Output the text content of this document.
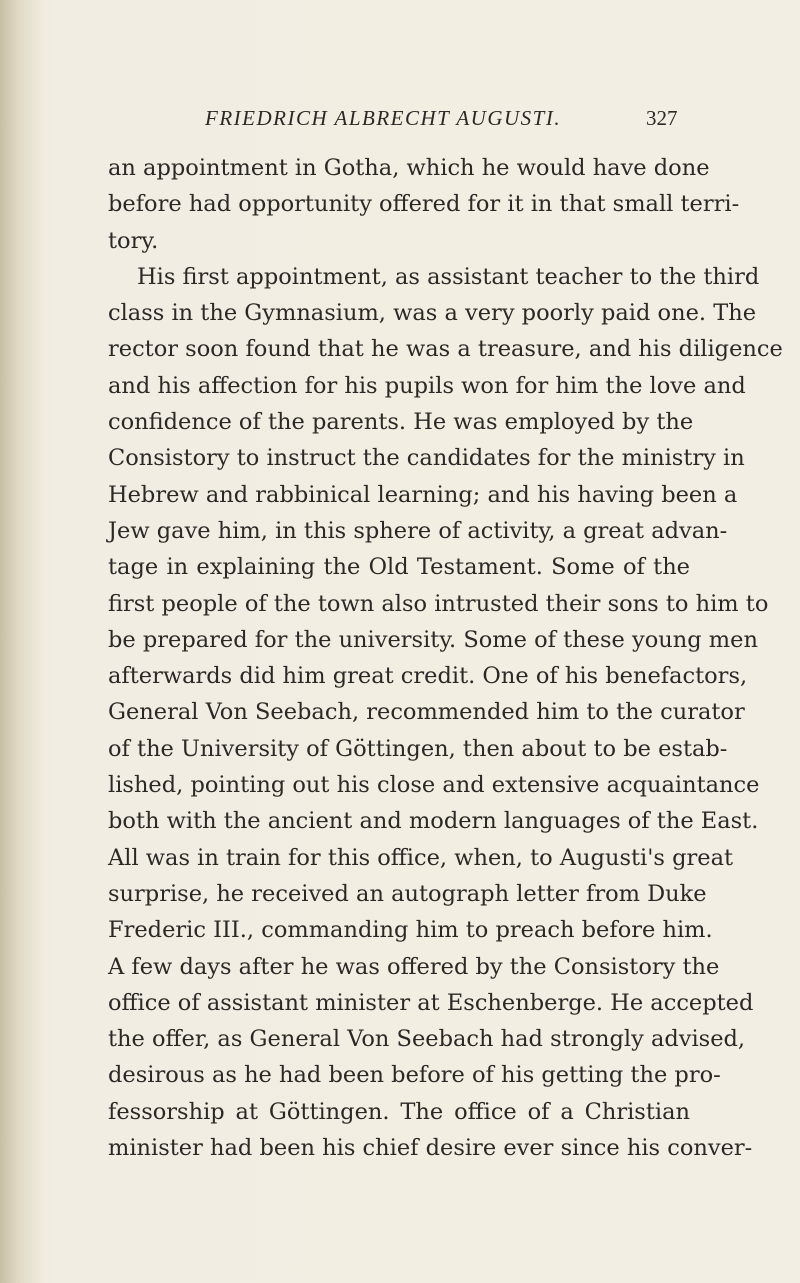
FRIEDRICH ALBRECHT AUGUSTI.	327
an appointment in Gotha, which he would have done
before had opportunity offered for it in that small terri-
tory.
His first appointment, as assistant teacher to the third
class in the Gymnasium, was a very poorly paid one. The
rector soon found that he was a treasure, and his diligence
and his affection for his pupils won for him the love and
confidence of the parents. He was employed by the
Consistory to instruct the candidates for the ministry in
Hebrew and rabbinical learning; and his having been a
Jew gave him, in this sphere of activity, a great advan-
tage in explaining the Old Testament. Some of the
first people of the town also intrusted their sons to him to
be prepared for the university. Some of these young men
afterwards did him great credit. One of his benefactors,
General Von Seebach, recommended him to the curator
of the University of Göttingen, then about to be estab-
lished, pointing out his close and extensive acquaintance
both with the ancient and modern languages of the East.
All was in train for this office, when, to Augusti's great
surprise, he received an autograph letter from Duke
Frederic III., commanding him to preach before him.
A few days after he was offered by the Consistory the
office of assistant minister at Eschenberge. He accepted
the offer, as General Von Seebach had strongly advised,
desirous as he had been before of his getting the pro-
fessorship at Göttingen. The office of a Christian
minister had been his chief desire ever since his conver-
